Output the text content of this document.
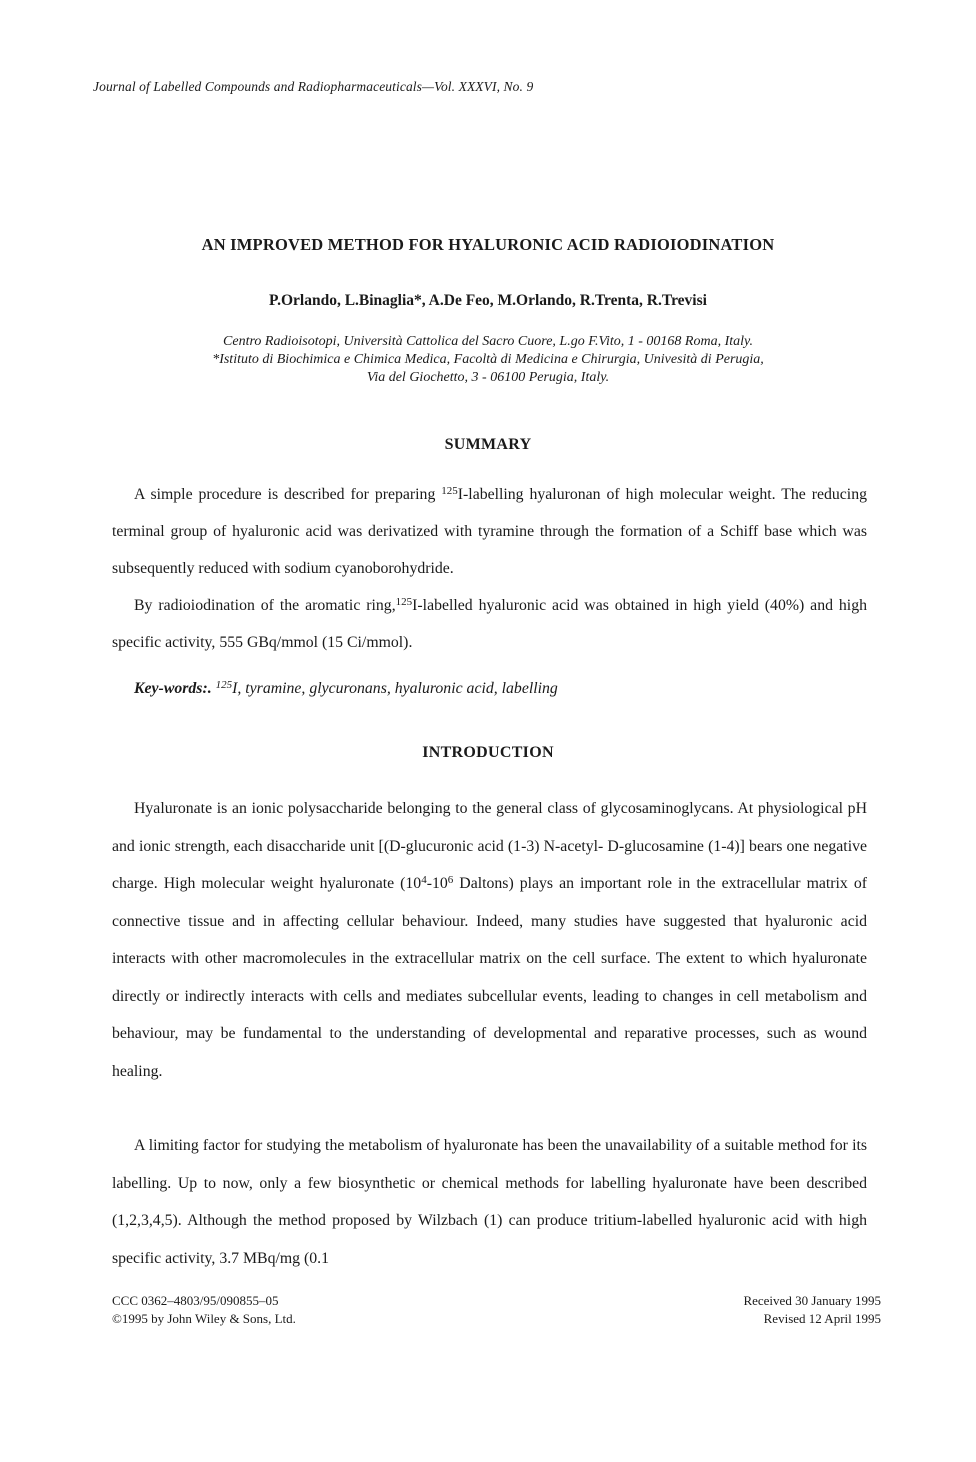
Journal of Labelled Compounds and Radiopharmaceuticals—Vol. XXXVI, No. 9
AN IMPROVED METHOD FOR HYALURONIC ACID RADIOIODINATION
P.Orlando, L.Binaglia*, A.De Feo, M.Orlando, R.Trenta, R.Trevisi
Centro Radioisotopi, Università Cattolica del Sacro Cuore, L.go F.Vito, 1 - 00168 Roma, Italy.
*Istituto di Biochimica e Chimica Medica, Facoltà di Medicina e Chirurgia, Univesità di Perugia,
Via del Giochetto, 3 - 06100 Perugia, Italy.
SUMMARY

A simple procedure is described for preparing $^{125}$I-labelling hyaluronan of high molecular weight. The reducing terminal group of hyaluronic acid was derivatized with tyramine through the formation of a Schiff base which was subsequently reduced with sodium cyanoborohydride.

By radioiodination of the aromatic ring,$^{125}$I-labelled hyaluronic acid was obtained in high yield (40%) and high specific activity, 555 GBq/mmol (15 Ci/mmol).

Key-words:. $^{125}$I, tyramine, glycuronans, hyaluronic acid, labelling

INTRODUCTION

Hyaluronate is an ionic polysaccharide belonging to the general class of glycosaminoglycans. At physiological pH and ionic strength, each disaccharide unit [(D-glucuronic acid (1-3) N-acetyl- D-glucosamine (1-4)] bears one negative charge. High molecular weight hyaluronate ($10^4-10^6$ Daltons) plays an important role in the extracellular matrix of connective tissue and in affecting cellular behaviour. Indeed, many studies have suggested that hyaluronic acid interacts with other macromolecules in the extracellular matrix on the cell surface. The extent to which hyaluronate directly or indirectly interacts with cells and mediates subcellular events, leading to changes in cell metabolism and behaviour, may be fundamental to the understanding of developmental and reparative processes, such as wound healing.

A limiting factor for studying the metabolism of hyaluronate has been the unavailability of a suitable method for its labelling. Up to now, only a few biosynthetic or chemical methods for labelling hyaluronate have been described (1,2,3,4,5). Although the method proposed by Wilzbach (1) can produce tritium-labelled hyaluronic acid with high specific activity, 3.7 MBq/mg (0.1

CCC 0362–4803/95/090855–05
©1995 by John Wiley & Sons, Ltd.
Received 30 January 1995
Revised 12 April 1995
